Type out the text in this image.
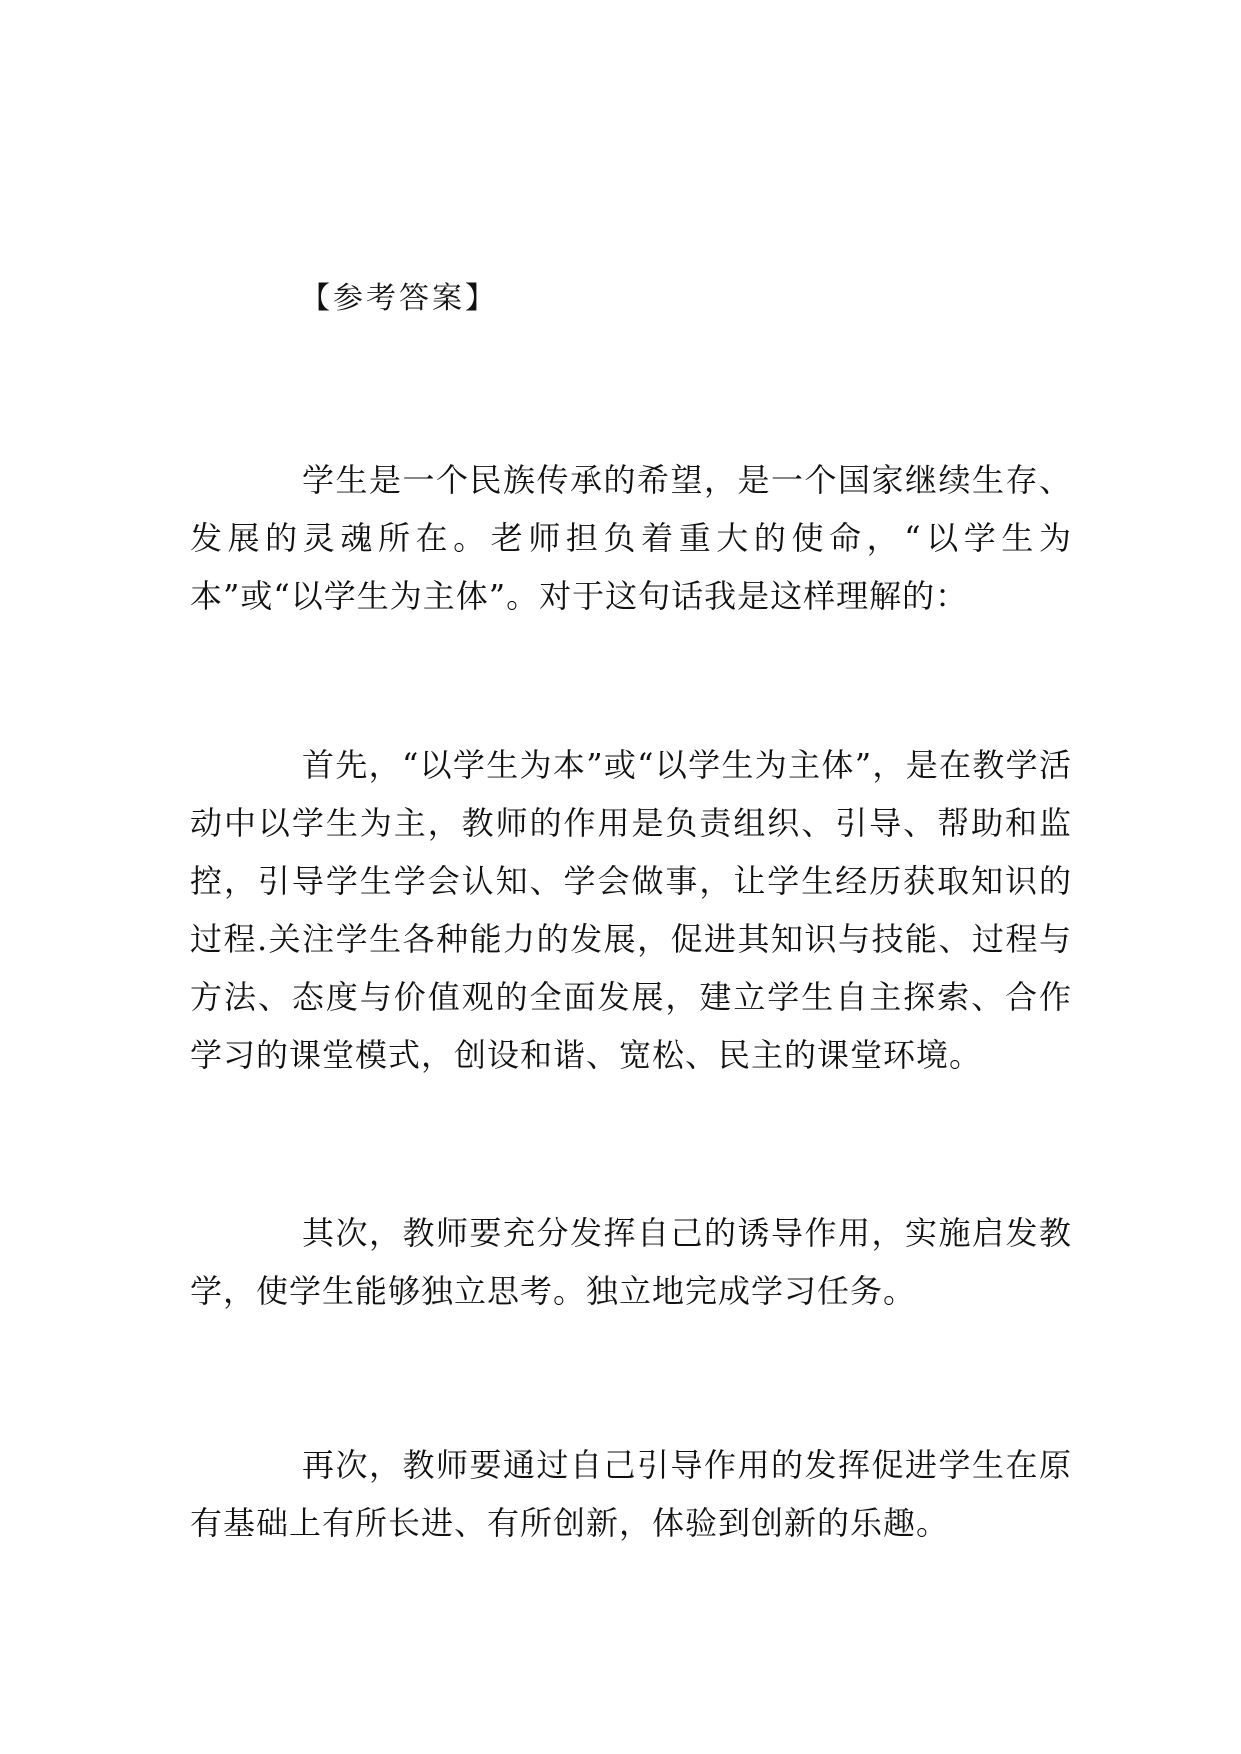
【参考答案】

学生是一个民族传承的希望，是一个国家继续生存、发展的灵魂所在。老师担负着重大的使命，“以学生为本”或“以学生为主体”。对于这句话我是这样理解的：

首先，“以学生为本”或“以学生为主体”，是在教学活动中以学生为主，教师的作用是负责组织、引导、帮助和监控，引导学生学会认知、学会做事，让学生经历获取知识的过程.关注学生各种能力的发展，促进其知识与技能、过程与方法、态度与价值观的全面发展，建立学生自主探索、合作学习的课堂模式，创设和谐、宽松、民主的课堂环境。

其次，教师要充分发挥自己的诱导作用，实施启发教学，使学生能够独立思考。独立地完成学习任务。

再次，教师要通过自己引导作用的发挥促进学生在原有基础上有所长进、有所创新，体验到创新的乐趣。
